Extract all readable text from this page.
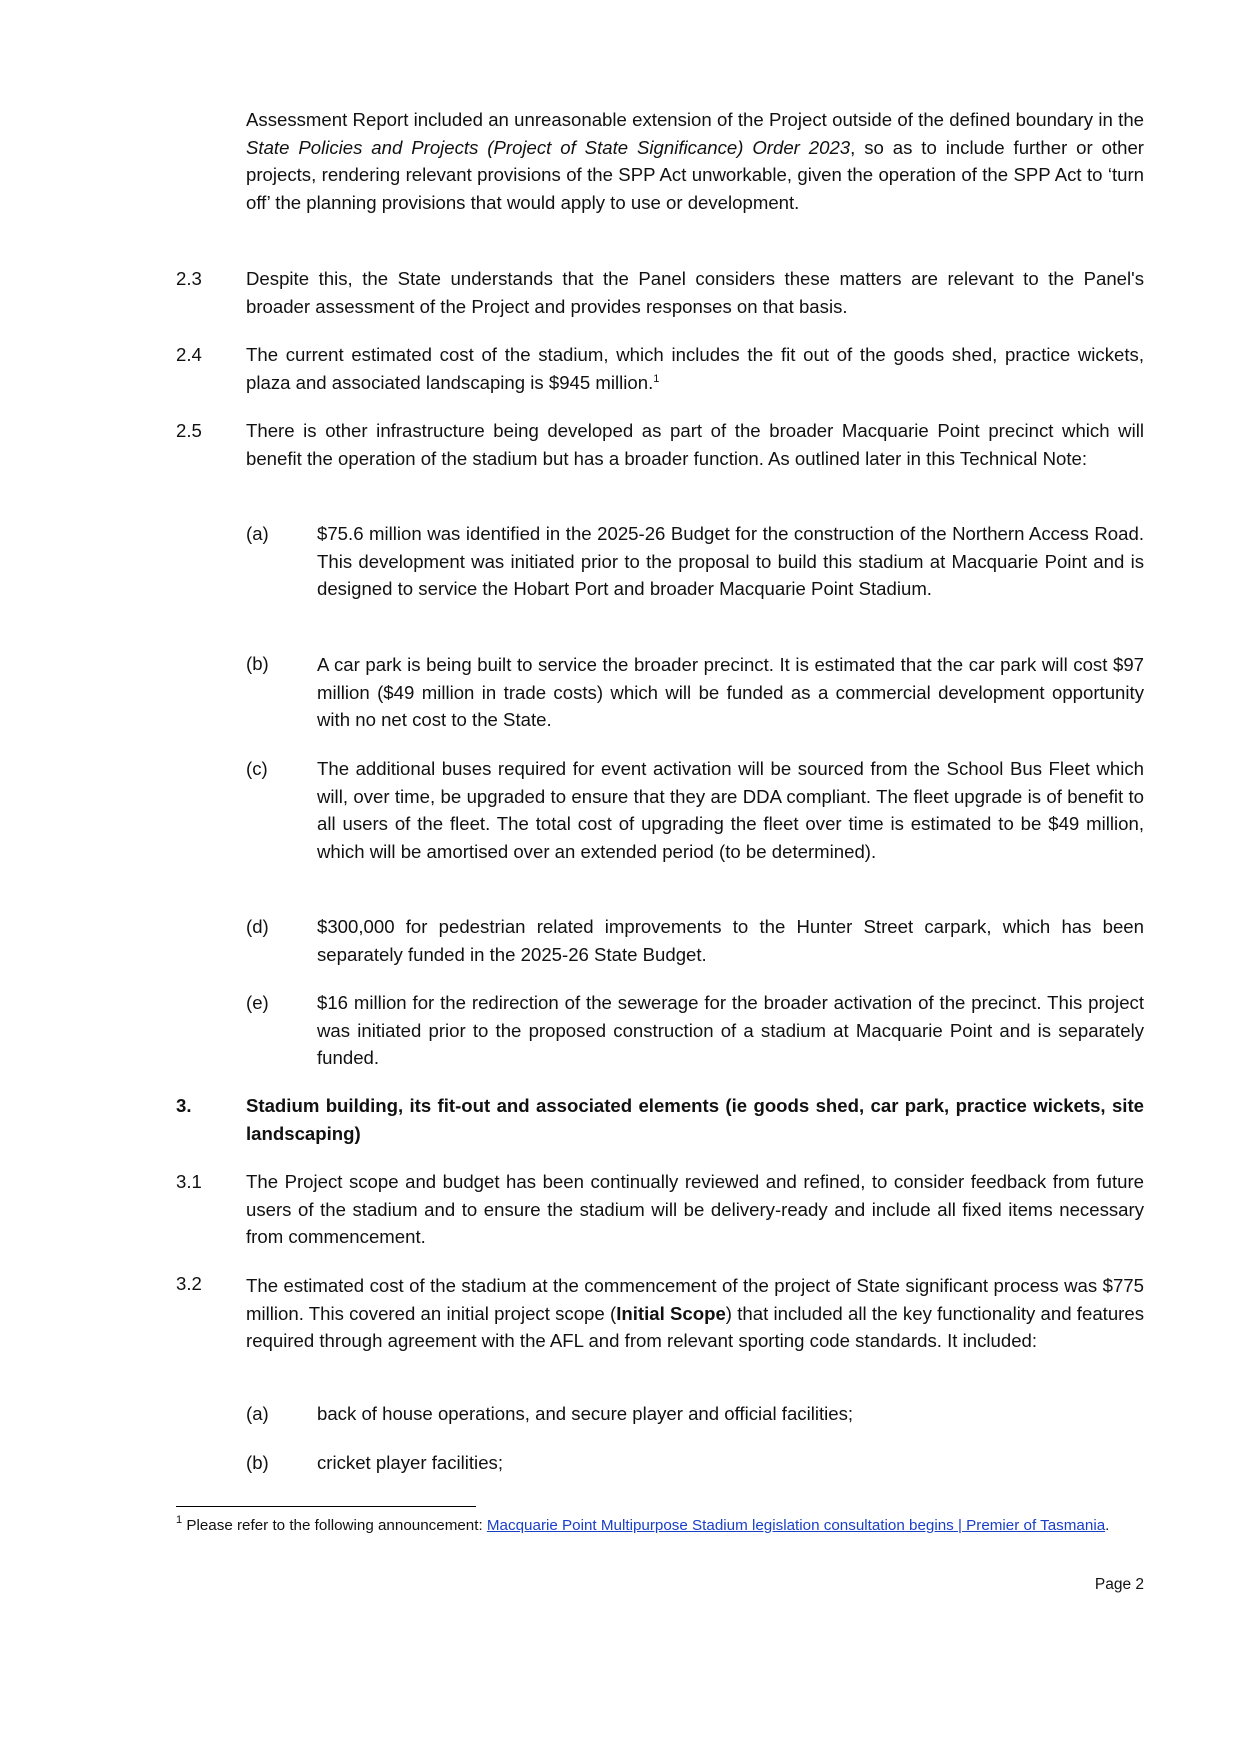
Assessment Report included an unreasonable extension of the Project outside of the defined boundary in the State Policies and Projects (Project of State Significance) Order 2023, so as to include further or other projects, rendering relevant provisions of the SPP Act unworkable, given the operation of the SPP Act to ‘turn off’ the planning provisions that would apply to use or development.
2.3 Despite this, the State understands that the Panel considers these matters are relevant to the Panel's broader assessment of the Project and provides responses on that basis.
2.4 The current estimated cost of the stadium, which includes the fit out of the goods shed, practice wickets, plaza and associated landscaping is $945 million.$^1$
2.5 There is other infrastructure being developed as part of the broader Macquarie Point precinct which will benefit the operation of the stadium but has a broader function. As outlined later in this Technical Note:
(a)	$75.6 million was identified in the 2025-26 Budget for the construction of the Northern Access Road. This development was initiated prior to the proposal to build this stadium at Macquarie Point and is designed to service the Hobart Port and broader Macquarie Point Stadium.
(b)	A car park is being built to service the broader precinct. It is estimated that the car park will cost $97 million ($49 million in trade costs) which will be funded as a commercial development opportunity with no net cost to the State.
(c)	The additional buses required for event activation will be sourced from the School Bus Fleet which will, over time, be upgraded to ensure that they are DDA compliant. The fleet upgrade is of benefit to all users of the fleet. The total cost of upgrading the fleet over time is estimated to be $49 million, which will be amortised over an extended period (to be determined).
(d)	$300,000 for pedestrian related improvements to the Hunter Street carpark, which has been separately funded in the 2025-26 State Budget.
(e)	$16 million for the redirection of the sewerage for the broader activation of the precinct. This project was initiated prior to the proposed construction of a stadium at Macquarie Point and is separately funded.
3.	Stadium building, its fit-out and associated elements (ie goods shed, car park, practice wickets, site landscaping)
3.1 The Project scope and budget has been continually reviewed and refined, to consider feedback from future users of the stadium and to ensure the stadium will be delivery-ready and include all fixed items necessary from commencement.
3.2 The estimated cost of the stadium at the commencement of the project of State significant process was $775 million. This covered an initial project scope (Initial Scope) that included all the key functionality and features required through agreement with the AFL and from relevant sporting code standards. It included:
(a)	back of house operations, and secure player and official facilities;
(b)	cricket player facilities;
$^1$ Please refer to the following announcement: Macquarie Point Multipurpose Stadium legislation consultation begins | Premier of Tasmania.
Page 2
